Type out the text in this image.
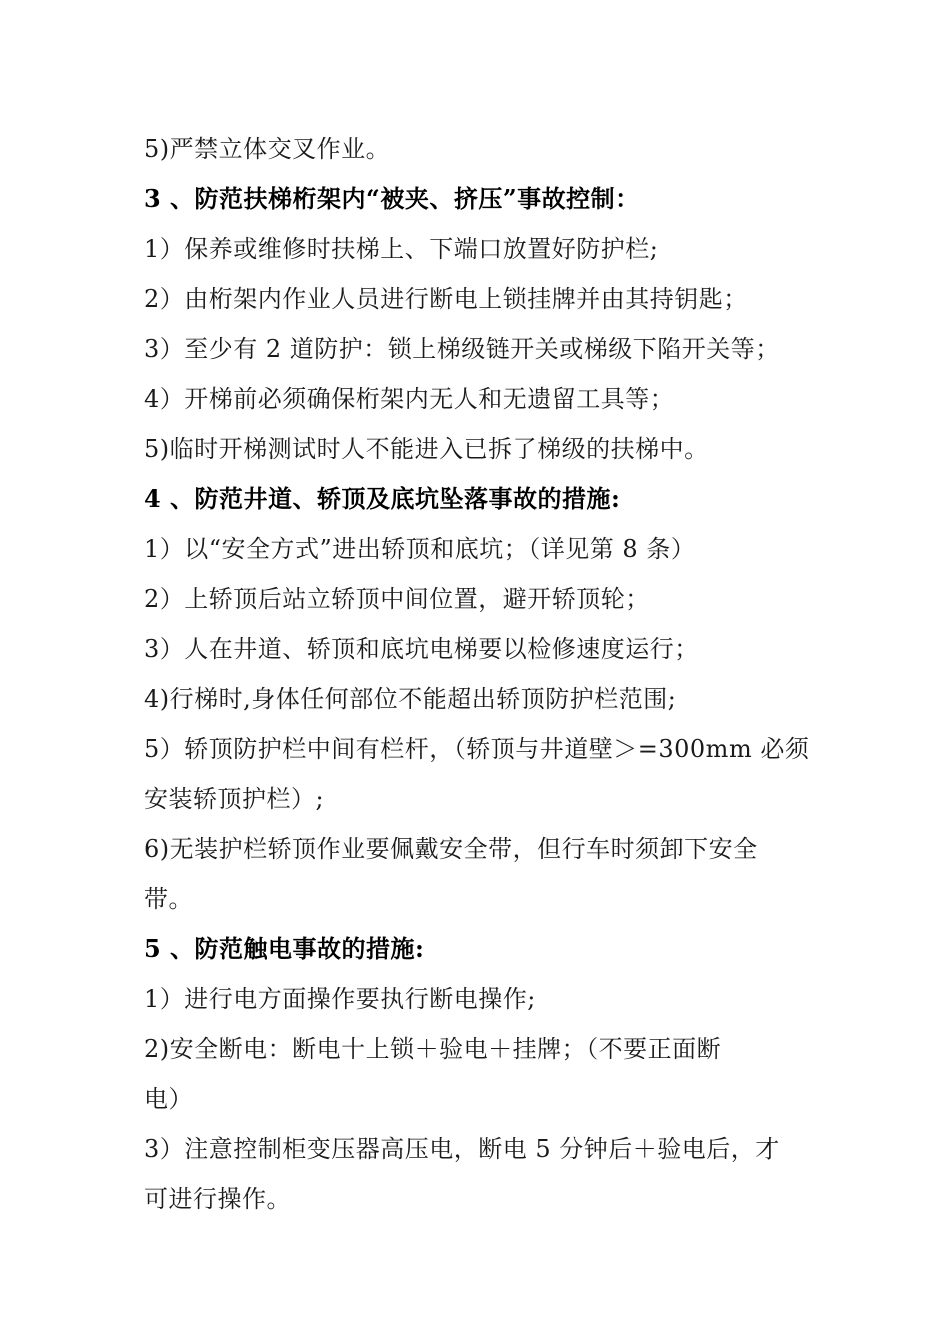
5)严禁立体交叉作业。
3 、防范扶梯桁架内“被夹、挤压”事故控制：
1）保养或维修时扶梯上、下端口放置好防护栏;
2）由桁架内作业人员进行断电上锁挂牌并由其持钥匙；
3）至少有 2 道防护：锁上梯级链开关或梯级下陷开关等；
4）开梯前必须确保桁架内无人和无遗留工具等；
5)临时开梯测试时人不能进入已拆了梯级的扶梯中。
4 、防范井道、轿顶及底坑坠落事故的措施:
1）以“安全方式”进出轿顶和底坑；（详见第 8 条）
2）上轿顶后站立轿顶中间位置，避开轿顶轮；
3）人在井道、轿顶和底坑电梯要以检修速度运行；
4)行梯时,身体任何部位不能超出轿顶防护栏范围;
5）轿顶防护栏中间有栏杆，（轿顶与井道壁＞=300mm 必须
安装轿顶护栏）;
6)无装护栏轿顶作业要佩戴安全带，但行车时须卸下安全
带。
5 、防范触电事故的措施:
1）进行电方面操作要执行断电操作;
2)安全断电：断电十上锁＋验电＋挂牌；（不要正面断
电）
3）注意控制柜变压器高压电，断电 5 分钟后＋验电后，才
可进行操作。
